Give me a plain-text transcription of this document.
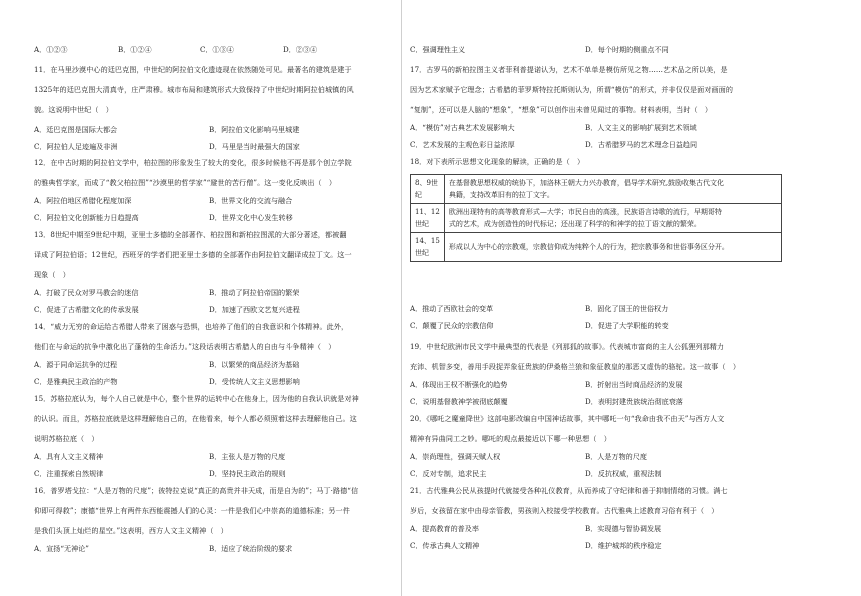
11．在马里沙漠中心的廷巴克图，中世纪的阿拉伯文化遗迹现在依然随处可见。最著名的建筑是建于
1325年的廷巴克图大清真寺，庄严肃穆。城市布局和建筑形式大致保持了中世纪时期阿拉伯城镇的风
貌。这说明中世纪（　）
12．在中古时期的阿拉伯文学中，柏拉图的形象发生了较大的变化，很多时候他不再是那个创立学院
的雅典哲学家，而成了“教父柏拉图”“沙漠里的哲学家”“避世的苦行僧”。这一变化反映出（　）
13．8世纪中期至9世纪中期，亚里士多德的全部著作、柏拉图和新柏拉图派的大部分著述，都被翻
译成了阿拉伯语；12世纪，西班牙的学者们把亚里士多德的全部著作由阿拉伯文翻译成拉丁文。这一
现象（　）
14．“威力无穷的命运给古希腊人带来了困惑与恐惧，也培养了他们的自我意识和个体精神。此外，
他们在与命运的抗争中激化出了蓬勃的生命活力。”这段话表明古希腊人的自由与斗争精神（　）
15．苏格拉底认为，每个人自己就是中心，整个世界的运转中心在他身上，因为他的自我认识就是对神
的认识。而且，苏格拉底就是这样理解他自己的，在他看来，每个人都必须照着这样去理解他自己。这
说明苏格拉底（　）
16．普罗塔戈拉：“人是万物的尺度”；彼特拉克说“真正的高贵并非天成，而是自为的”；马丁·路德“信
仰即可得救”；康德“世界上有两件东西能震撼人们的心灵：一件是我们心中崇高的道德标准；另一件
是我们头顶上灿烂的星空。”这表明，西方人文主义精神（　）
A．①②③	B．①②④	C．①③④	D．②③④
A．廷巴克图是国际大都会	B．阿拉伯文化影响马里城建
C．阿拉伯人足迹遍及非洲	D．马里是当时最强大的国家
A．阿拉伯地区希腊化程度加深	B．世界文化的交流与融合
C．阿拉伯文化创新能力日趋提高	D．世界文化中心发生转移
A．打破了民众对罗马教会的迷信	B．推动了阿拉伯帝国的繁荣
C．促进了古希腊文化的传承发展	D．加速了西欧文艺复兴进程
A．源于同命运抗争的过程	B．以繁荣的商品经济为基础
C．是雅典民主政治的产物	D．受传统人文主义思想影响
A．具有人文主义精神	B．主张人是万物的尺度
C．注重探索自然规律	D．坚持民主政治的规则
A．宣扬“无神论”	B．适应了统治阶级的要求
8、9世
纪	在基督教思想权威的统协下，加洛林王朝大力兴办教育，倡导学术研究,鼓励收集古代文化
典籍，支持改革旧有的拉丁文字。

11、12
世纪	欧洲出现特有的高等教育形式—大学；市民自由的高涨，民族语言诗歌的流行，早期哥特
式的艺术，成为创造性的时代标记；还出现了科学的和神学的拉丁语文献的繁荣。

14、15
世纪	形成以人为中心的宗教观，宗教信仰成为纯粹个人的行为，把宗教事务和世俗事务区分开。
17．古罗马的新柏拉图主义者菲利普提诺认为，艺术不单单是模仿所见之物……艺术品之所以美，是
因为艺术家赋予它理念；古希腊的菲罗斯特拉托斯则认为，所谓“模仿”的形式，并非仅仅是面对画面的
“复制”，还可以是人脑的“想象”，“想象”可以创作出未曾见闻过的事物。材料表明，当时（　）
18．对下表所示思想文化现象的解读，正确的是（　）
19．中世纪欧洲市民文学中最典型的代表是《列那狐的故事》。代表城市富商的主人公狐狸列那精力
充沛、机智多变，善用手段捉弄象征贵族的伊桑格兰狼和象征教皇的那恶又虚伪的骆驼。这一故事（　）
20．《哪吒之魔童降世》这部电影改编自中国神话故事，其中哪吒一句“我命由我不由天”与西方人文
精神有异曲同工之妙。哪吒的观点最接近以下哪一种思想（　）
21．古代雅典公民从孩提时代就接受各种礼仪教育，从而养成了守纪律和善于抑制情绪的习惯。满七
岁后，女孩留在家中由母亲管教，男孩则入校接受学校教育。古代雅典上述教育习俗有利于（　）
C．强调理性主义	D．每个时期的侧重点不同
A．“模仿”对古典艺术发展影响大	B．人文主义的影响扩展到艺术领域
C．艺术发展的主观色彩日益浓厚	D．古希腊罗马的艺术理念日益趋同
A．推动了西欧社会的变革	B．固化了国王的世俗权力
C．颠覆了民众的宗教信仰	D．促进了大学职能的转变
A．体现出王权不断强化的趋势	B．折射出当时商品经济的发展
C．说明基督教神学被彻底颠覆	D．表明封建贵族统治彻底衰落
A．崇尚理性，强调天赋人权	B．人是万物的尺度
C．反对专制，追求民主	D．反抗权威，重视法制
A．提高教育的普及率	B．实现德与智协调发展
C．传承古典人文精神	D．维护城邦的秩序稳定
